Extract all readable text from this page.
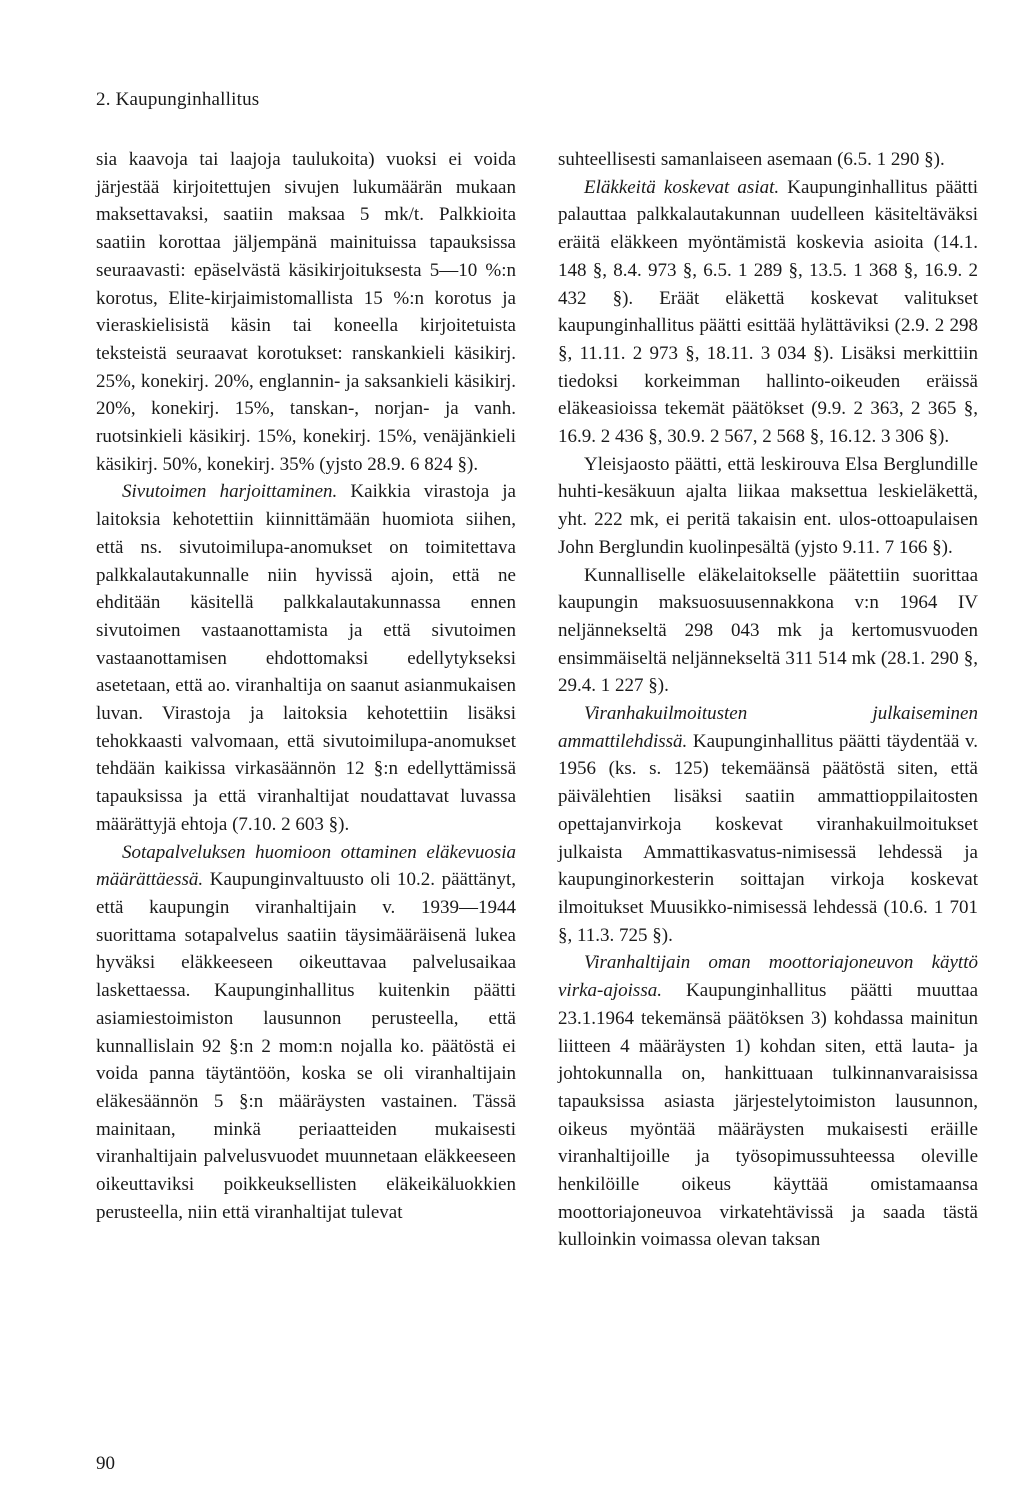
2. Kaupunginhallitus

sia kaavoja tai laajoja taulukoita) vuoksi ei voida järjestää kirjoitettujen sivujen lukumäärän mukaan maksettavaksi, saatiin maksaa 5 mk/t. Palkkioita saatiin korottaa jäljempänä mainituissa tapauksissa seuraavasti: epäselvästä käsikirjoituksesta 5—10 %:n korotus, Elite-kirjaimistomallista 15 %:n korotus ja vieraskielisistä käsin tai koneella kirjoitetuista teksteistä seuraavat korotukset: ranskankieli käsikirj. 25%, konekirj. 20%, englannin- ja saksankieli käsikirj. 20%, konekirj. 15%, tanskan-, norjan- ja vanh. ruotsinkieli käsikirj. 15%, konekirj. 15%, venäjänkieli käsikirj. 50%, konekirj. 35% (yjsto 28.9. 6 824 §).

Sivutoimen harjoittaminen. Kaikkia virastoja ja laitoksia kehotettiin kiinnittämään huomiota siihen, että ns. sivutoimilupa-anomukset on toimitettava palkkalautakunnalle niin hyvissä ajoin, että ne ehditään käsitellä palkkalautakunnassa ennen sivutoimen vastaanottamista ja että sivutoimen vastaanottamisen ehdottomaksi edellytykseksi asetetaan, että ao. viranhaltija on saanut asianmukaisen luvan. Virastoja ja laitoksia kehotettiin lisäksi tehokkaasti valvomaan, että sivutoimilupa-anomukset tehdään kaikissa virkasäännön 12 §:n edellyttämissä tapauksissa ja että viranhaltijat noudattavat luvassa määrättyjä ehtoja (7.10. 2 603 §).

Sotapalveluksen huomioon ottaminen eläkevuosia määrättäessä. Kaupunginvaltuusto oli 10.2. päättänyt, että kaupungin viranhaltijain v. 1939—1944 suorittama sotapalvelus saatiin täysimääräisenä lukea hyväksi eläkkeeseen oikeuttavaa palvelusaikaa laskettaessa. Kaupunginhallitus kuitenkin päätti asiamiestoimiston lausunnon perusteella, että kunnallislain 92 §:n 2 mom:n nojalla ko. päätöstä ei voida panna täytäntöön, koska se oli viranhaltijain eläkesäännön 5 §:n määräysten vastainen. Tässä mainitaan, minkä periaatteiden mukaisesti viranhaltijain palvelusvuodet muunnetaan eläkkeeseen oikeuttaviksi poikkeuksellisten eläkeikäluokkien perusteella, niin että viranhaltijat tulevat

suhteellisesti samanlaiseen asemaan (6.5. 1 290 §).

Eläkkeitä koskevat asiat. Kaupunginhallitus päätti palauttaa palkkalautakunnan uudelleen käsiteltäväksi eräitä eläkkeen myöntämistä koskevia asioita (14.1. 148 §, 8.4. 973 §, 6.5. 1 289 §, 13.5. 1 368 §, 16.9. 2 432 §). Eräät eläkettä koskevat valitukset kaupunginhallitus päätti esittää hylättäviksi (2.9. 2 298 §, 11.11. 2 973 §, 18.11. 3 034 §). Lisäksi merkittiin tiedoksi korkeimman hallinto-oikeuden eräissä eläkeasioissa tekemät päätökset (9.9. 2 363, 2 365 §, 16.9. 2 436 §, 30.9. 2 567, 2 568 §, 16.12. 3 306 §).

Yleisjaosto päätti, että leskirouva Elsa Berglundille huhti-kesäkuun ajalta liikaa maksettua leskieläkettä, yht. 222 mk, ei peritä takaisin ent. ulos-ottoapulaisen John Berglundin kuolinpesältä (yjsto 9.11. 7 166 §).

Kunnalliselle eläkelaitokselle päätettiin suorittaa kaupungin maksuosuusennakkona v:n 1964 IV neljännekseltä 298 043 mk ja kertomusvuoden ensimmäiseltä neljännekseltä 311 514 mk (28.1. 290 §, 29.4. 1 227 §).

Viranhakuilmoitusten julkaiseminen ammattilehdissä. Kaupunginhallitus päätti täydentää v. 1956 (ks. s. 125) tekemäänsä päätöstä siten, että päivälehtien lisäksi saatiin ammattioppilaitosten opettajanvirkoja koskevat viranhakuilmoitukset julkaista Ammattikasvatus-nimisessä lehdessä ja kaupunginorkesterin soittajan virkoja koskevat ilmoitukset Muusikko-nimisessä lehdessä (10.6. 1 701 §, 11.3. 725 §).

Viranhaltijain oman moottoriajoneuvon käyttö virka-ajoissa. Kaupunginhallitus päätti muuttaa 23.1.1964 tekemänsä päätöksen 3) kohdassa mainitun liitteen 4 määräysten 1) kohdan siten, että lauta- ja johtokunnalla on, hankittuaan tulkinnanvaraisissa tapauksissa asiasta järjestelytoimiston lausunnon, oikeus myöntää määräysten mukaisesti eräille viranhaltijoille ja työsopimussuhteessa oleville henkilöille oikeus käyttää omistamaansa moottoriajoneuvoa virkatehtävissä ja saada tästä kulloinkin voimassa olevan taksan

90
